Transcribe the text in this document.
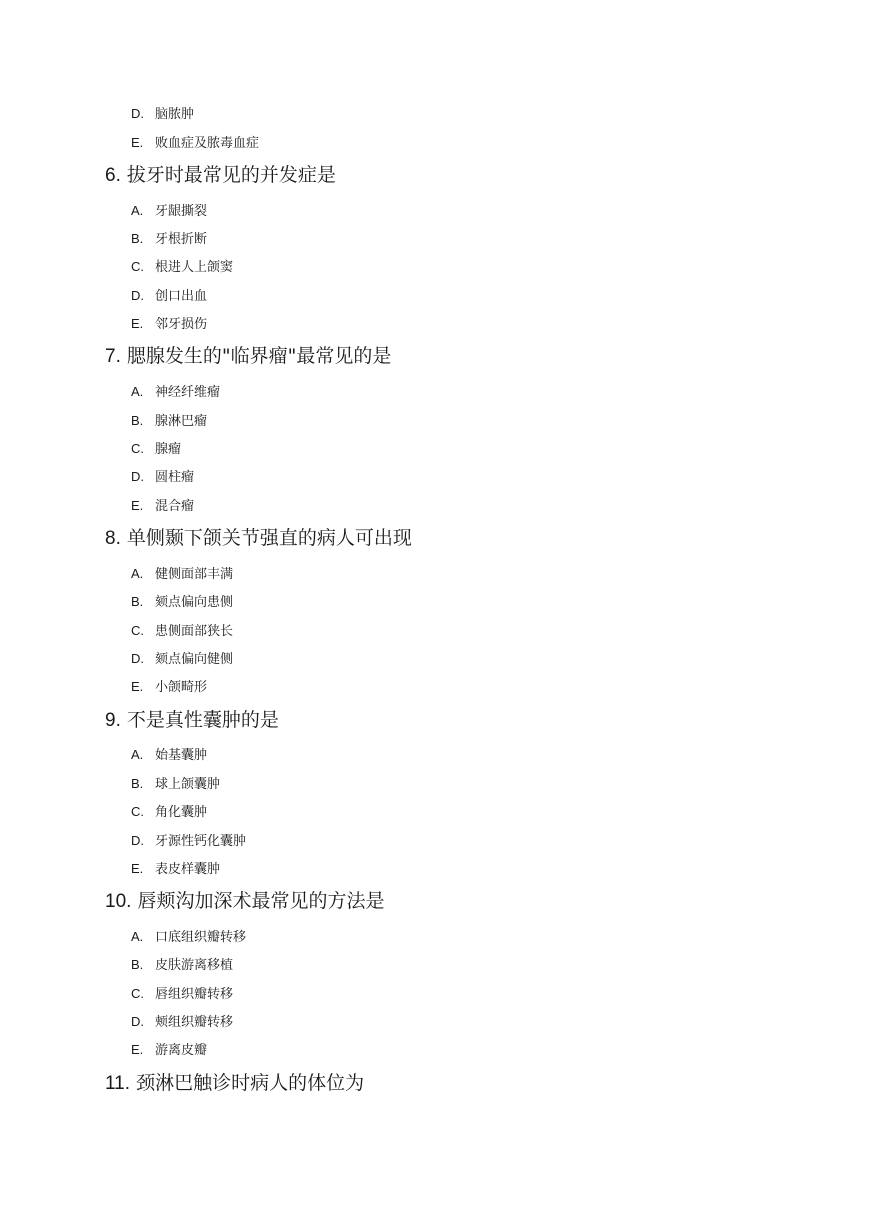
D. 脑脓肿
E. 败血症及脓毒血症
6. 拔牙时最常见的并发症是
A. 牙龈撕裂
B. 牙根折断
C. 根进人上颌窦
D. 创口出血
E. 邻牙损伤
7. 腮腺发生的"临界瘤"最常见的是
A. 神经纤维瘤
B. 腺淋巴瘤
C. 腺瘤
D. 圆柱瘤
E. 混合瘤
8. 单侧颞下颌关节强直的病人可出现
A. 健侧面部丰满
B. 颏点偏向患侧
C. 患侧面部狭长
D. 颏点偏向健侧
E. 小颌畸形
9. 不是真性囊肿的是
A. 始基囊肿
B. 球上颌囊肿
C. 角化囊肿
D. 牙源性钙化囊肿
E. 表皮样囊肿
10. 唇颊沟加深术最常见的方法是
A. 口底组织瓣转移
B. 皮肤游离移植
C. 唇组织瓣转移
D. 颊组织瓣转移
E. 游离皮瓣
11. 颈淋巴触诊时病人的体位为
